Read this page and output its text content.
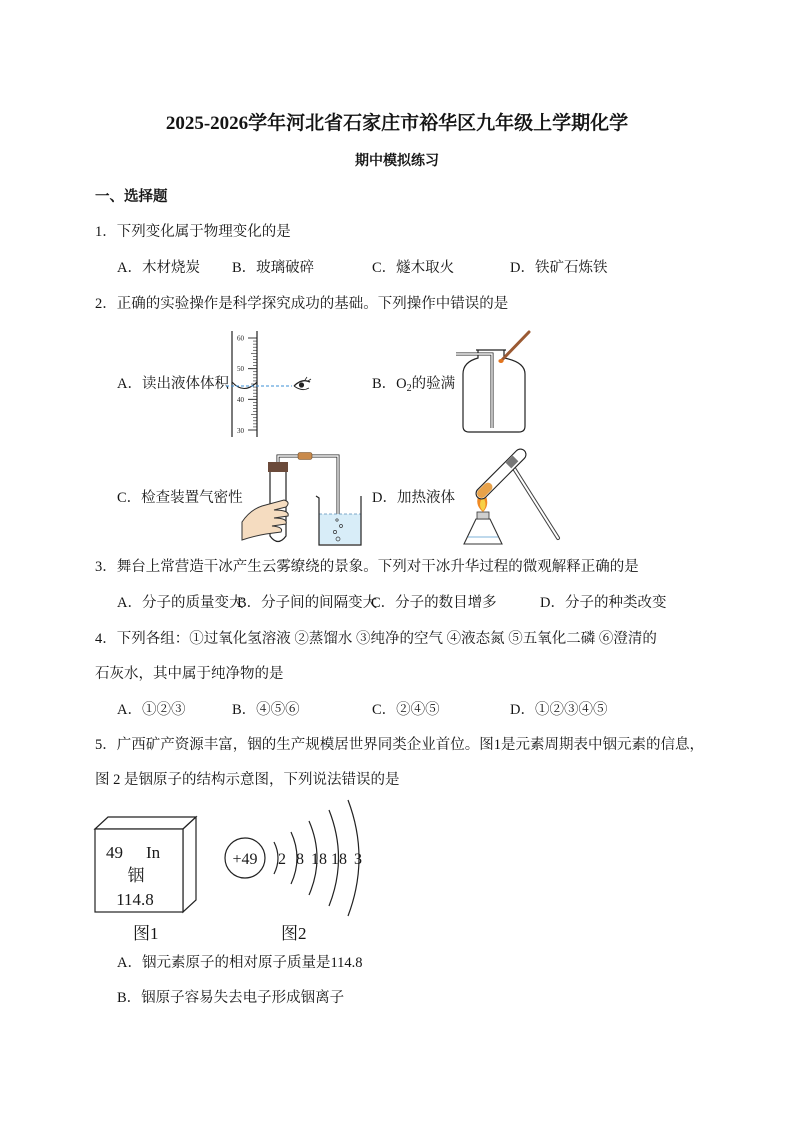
2025-2026学年河北省石家庄市裕华区九年级上学期化学
期中模拟练习
一、选择题
1．下列变化属于物理变化的是
A．木材烧炭 B．玻璃破碎	C．燧木取火	D．铁矿石炼铁
2．正确的实验操作是科学探究成功的基础。下列操作中错误的是
A．读出液体体积
60
50
40
30
B．$O_2$的验满
C．检查装置气密性	D．加热液体
3．舞台上常营造干冰产生云雾缭绕的景象。下列对干冰升华过程的微观解释正确的是
A．分子的质量变大
B．分子间的间隔变大
C．分子的数目增多	D．分子的种类改变
4．下列各组：①过氧化氢溶液 ②蒸馏水 ③纯净的空气 ④液态氮 ⑤五氧化二磷 ⑥澄清的
石灰水，其中属于纯净物的是
A．①②③	B．④⑤⑥	C．②④⑤	D．①②③④⑤
5．广西矿产资源丰富，铟的生产规模居世界同类企业首位。图1是元素周期表中铟元素的信息，
图 2 是铟原子的结构示意图，下列说法错误的是
49 In
铟
114.8
图1
+49 2 8 18 18 3
图2
A．铟元素原子的相对原子质量是114.8
B．铟原子容易失去电子形成铟离子
